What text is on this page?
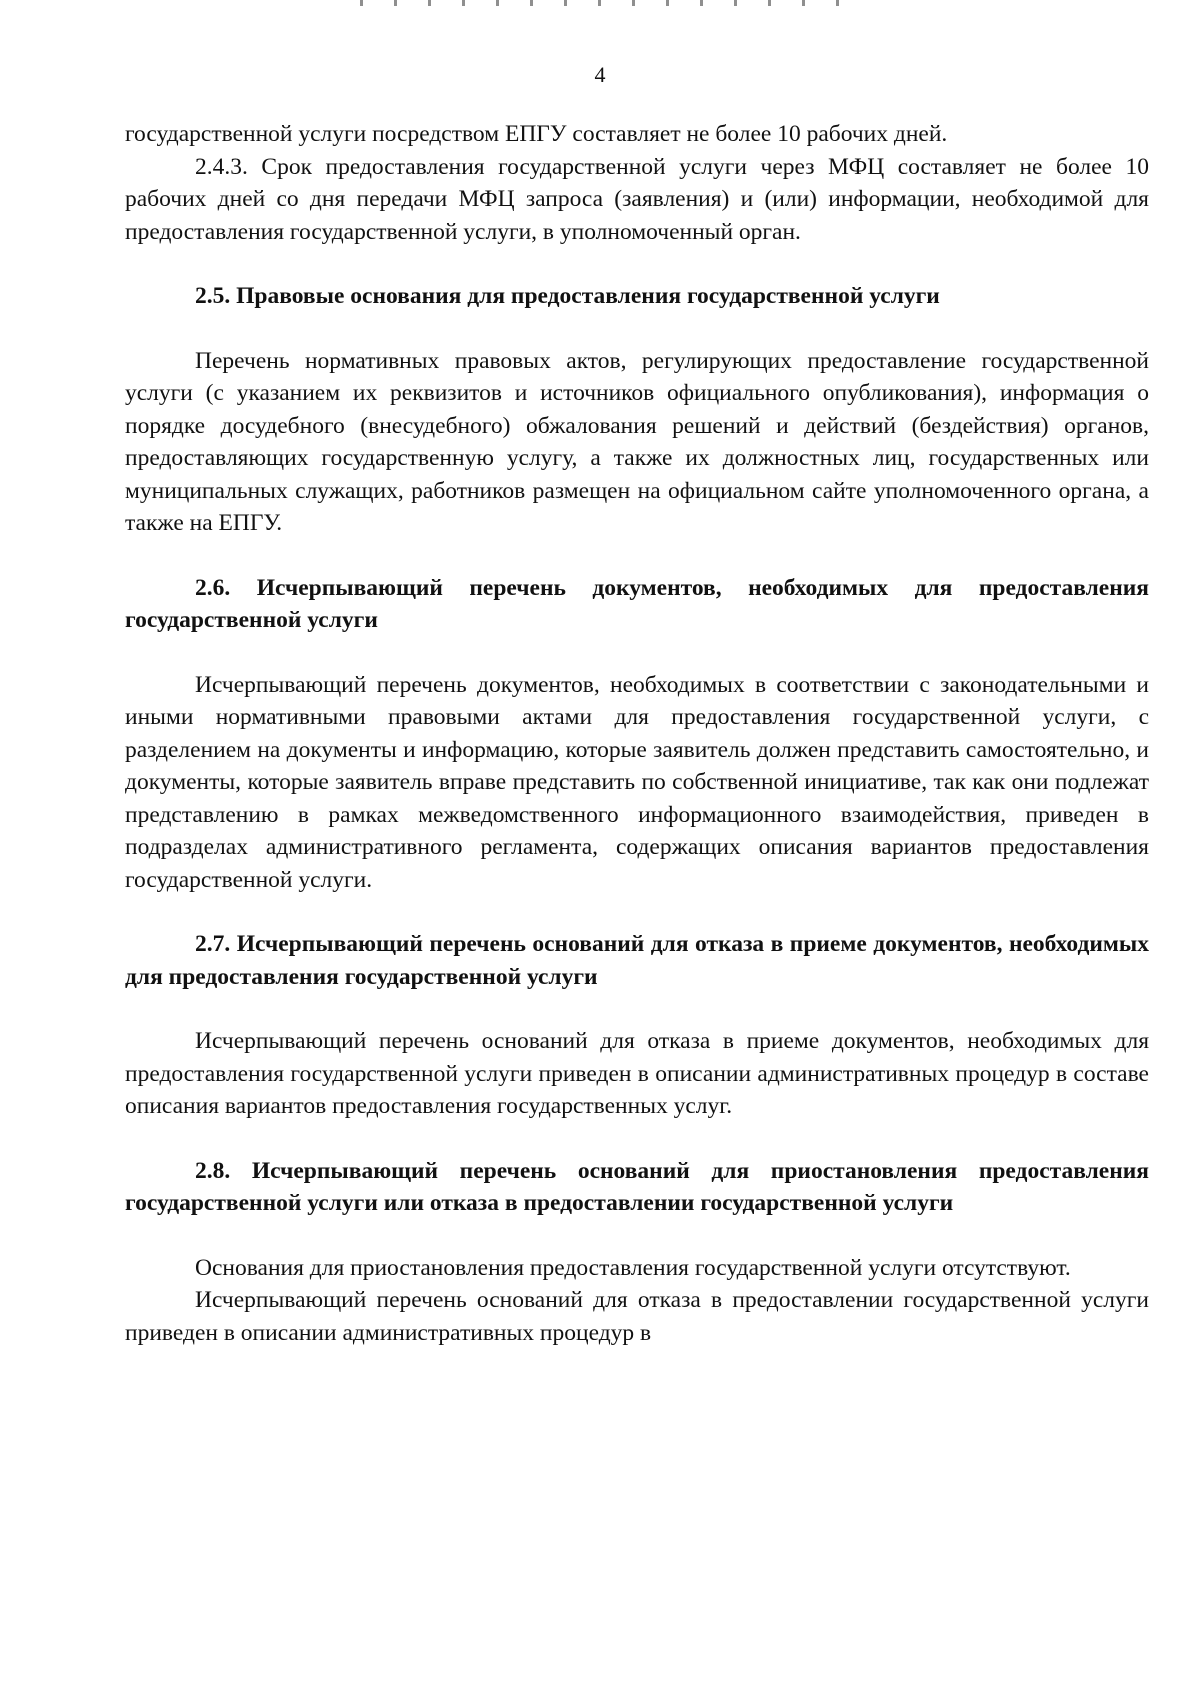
4

государственной услуги посредством ЕПГУ составляет не более 10 рабочих дней.

2.4.3. Срок предоставления государственной услуги через МФЦ составляет не более 10 рабочих дней со дня передачи МФЦ запроса (заявления) и (или) информации, необходимой для предоставления государственной услуги, в уполномоченный орган.

2.5. Правовые основания для предоставления государственной услуги

Перечень нормативных правовых актов, регулирующих предоставление государственной услуги (с указанием их реквизитов и источников официального опубликования), информация о порядке досудебного (внесудебного) обжалования решений и действий (бездействия) органов, предоставляющих государственную услугу, а также их должностных лиц, государственных или муниципальных служащих, работников размещен на официальном сайте уполномоченного органа, а также на ЕПГУ.

2.6. Исчерпывающий перечень документов, необходимых для предоставления государственной услуги

Исчерпывающий перечень документов, необходимых в соответствии с законодательными и иными нормативными правовыми актами для предоставления государственной услуги, с разделением на документы и информацию, которые заявитель должен представить самостоятельно, и документы, которые заявитель вправе представить по собственной инициативе, так как они подлежат представлению в рамках межведомственного информационного взаимодействия, приведен в подразделах административного регламента, содержащих описания вариантов предоставления государственной услуги.

2.7. Исчерпывающий перечень оснований для отказа в приеме документов, необходимых для предоставления государственной услуги

Исчерпывающий перечень оснований для отказа в приеме документов, необходимых для предоставления государственной услуги приведен в описании административных процедур в составе описания вариантов предоставления государственных услуг.

2.8. Исчерпывающий перечень оснований для приостановления предоставления государственной услуги или отказа в предоставлении государственной услуги

Основания для приостановления предоставления государственной услуги отсутствуют.

Исчерпывающий перечень оснований для отказа в предоставлении государственной услуги приведен в описании административных процедур в
